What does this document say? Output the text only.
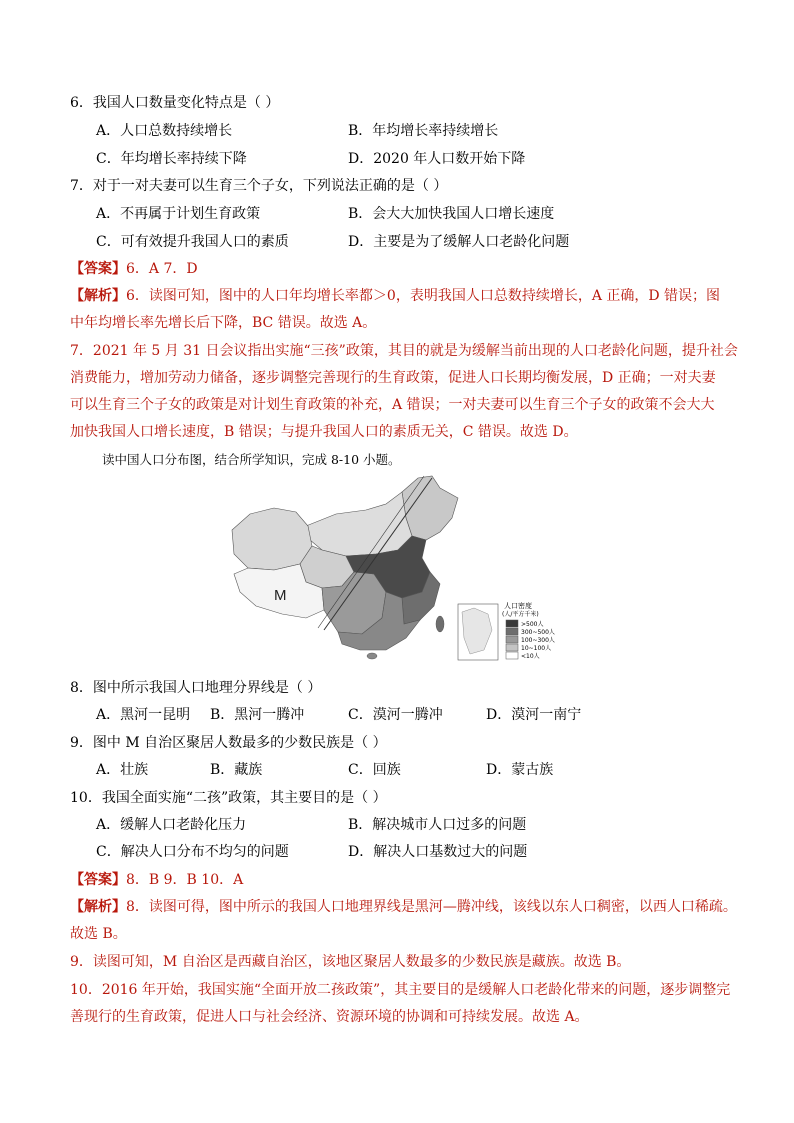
6．我国人口数量变化特点是（ ）
A．人口总数持续增长	B．年均增长率持续增长
C．年均增长率持续下降	D．2020 年人口数开始下降
7．对于一对夫妻可以生育三个子女，下列说法正确的是（ ）
A．不再属于计划生育政策	B．会大大加快我国人口增长速度
C．可有效提升我国人口的素质	D．主要是为了缓解人口老龄化问题
【答案】6．A 7．D
【解析】6．读图可知，图中的人口年均增长率都＞0，表明我国人口总数持续增长，A 正确，D 错误；图
中年均增长率先增长后下降，BC 错误。故选 A。
7．2021 年 5 月 31 日会议指出实施“三孩”政策，其目的就是为缓解当前出现的人口老龄化问题，提升社会
消费能力，增加劳动力储备，逐步调整完善现行的生育政策，促进人口长期均衡发展，D 正确；一对夫妻
可以生育三个子女的政策是对计划生育政策的补充，A 错误；一对夫妻可以生育三个子女的政策不会大大
加快我国人口增长速度，B 错误；与提升我国人口的素质无关，C 错误。故选 D。
读中国人口分布图，结合所学知识，完成 8-10 小题。
M
人口密度
(人/平方千米)
>500人
300~500人
100~300人
10~100人
<10人
8．图中所示我国人口地理分界线是（ ）
A．黑河一昆明 B．黑河一腾冲	C．漠河一腾冲	D．漠河一南宁
9．图中 M 自治区聚居人数最多的少数民族是（ ）
A．壮族	B．藏族	C．回族	D．蒙古族
10．我国全面实施“二孩”政策，其主要目的是（ ）
A．缓解人口老龄化压力	B．解决城市人口过多的问题
C．解决人口分布不均匀的问题	D．解决人口基数过大的问题
【答案】8．B 9．B 10．A
【解析】8．读图可得，图中所示的我国人口地理界线是黑河—腾冲线，该线以东人口稠密，以西人口稀疏。
故选 B。
9．读图可知，M 自治区是西藏自治区，该地区聚居人数最多的少数民族是藏族。故选 B。
10．2016 年开始，我国实施“全面开放二孩政策”，其主要目的是缓解人口老龄化带来的问题，逐步调整完
善现行的生育政策，促进人口与社会经济、资源环境的协调和可持续发展。故选 A。
